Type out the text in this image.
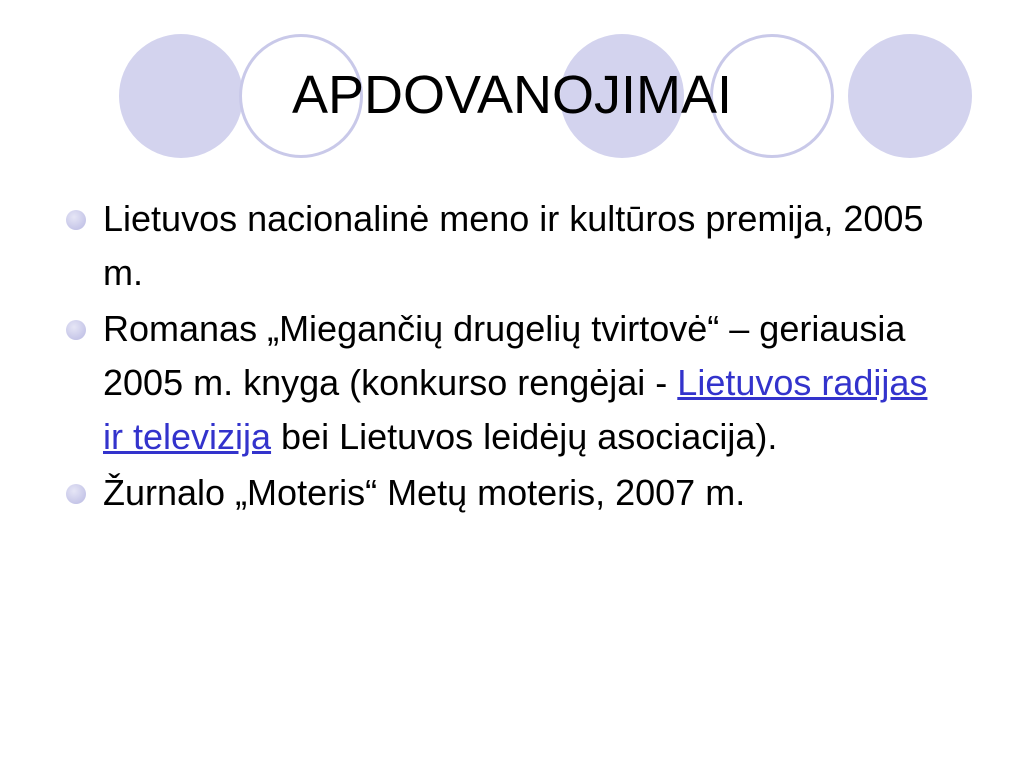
APDOVANOJIMAI
Lietuvos nacionalinė meno ir kultūros premija, 2005 m.
Romanas „Miegančių drugelių tvirtovė“ – geriausia 2005 m. knyga (konkurso rengėjai - Lietuvos radijas ir televizija bei Lietuvos leidėjų asociacija).
Žurnalo „Moteris“ Metų moteris, 2007 m.
